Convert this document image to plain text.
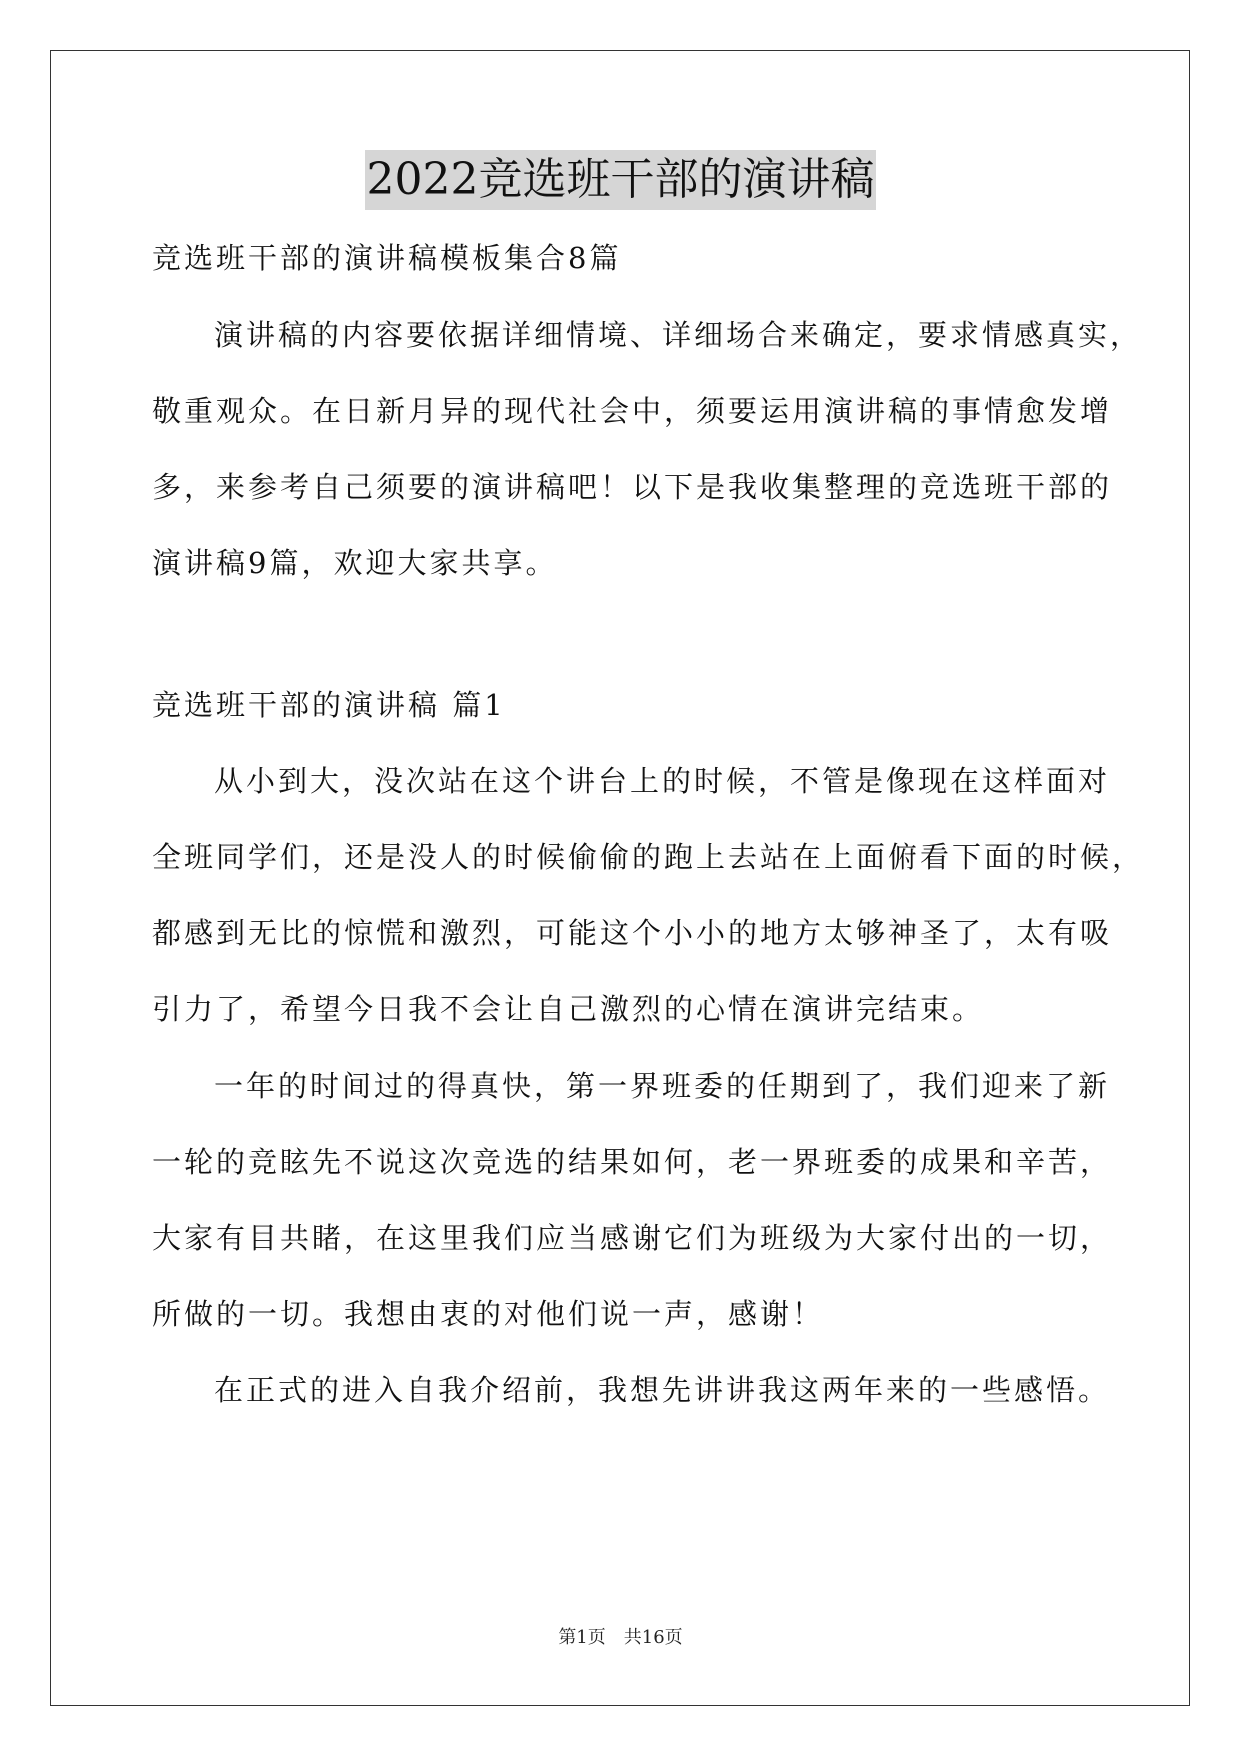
2022竞选班干部的演讲稿
竞选班干部的演讲稿模板集合8篇
演讲稿的内容要依据详细情境、详细场合来确定，要求情感真实，
敬重观众。在日新月异的现代社会中，须要运用演讲稿的事情愈发增
多，来参考自己须要的演讲稿吧！以下是我收集整理的竞选班干部的
演讲稿9篇，欢迎大家共享。
竞选班干部的演讲稿 篇1
从小到大，没次站在这个讲台上的时候，不管是像现在这样面对
全班同学们，还是没人的时候偷偷的跑上去站在上面俯看下面的时候，
都感到无比的惊慌和激烈，可能这个小小的地方太够神圣了，太有吸
引力了，希望今日我不会让自己激烈的心情在演讲完结束。
一年的时间过的得真快，第一界班委的任期到了，我们迎来了新
一轮的竞眩先不说这次竞选的结果如何，老一界班委的成果和辛苦，
大家有目共睹，在这里我们应当感谢它们为班级为大家付出的一切，
所做的一切。我想由衷的对他们说一声，感谢！
在正式的进入自我介绍前，我想先讲讲我这两年来的一些感悟。
第1页 共16页
